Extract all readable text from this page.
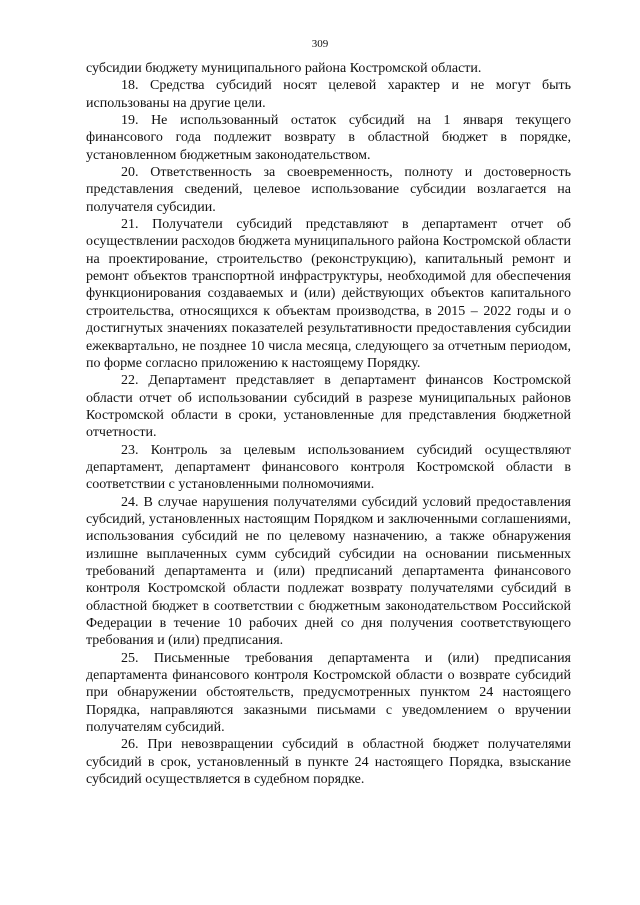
309

субсидии бюджету муниципального района Костромской области.

18. Средства субсидий носят целевой характер и не могут быть использованы на другие цели.

19. Не использованный остаток субсидий на 1 января текущего финансового года подлежит возврату в областной бюджет в порядке, установленном бюджетным законодательством.

20. Ответственность за своевременность, полноту и достоверность представления сведений, целевое использование субсидии возлагается на получателя субсидии.

21. Получатели субсидий представляют в департамент отчет об осуществлении расходов бюджета муниципального района Костромской области на проектирование, строительство (реконструкцию), капитальный ремонт и ремонт объектов транспортной инфраструктуры, необходимой для обеспечения функционирования создаваемых и (или) действующих объектов капитального строительства, относящихся к объектам производства, в 2015 – 2022 годы и о достигнутых значениях показателей результативности предоставления субсидии ежеквартально, не позднее 10 числа месяца, следующего за отчетным периодом, по форме согласно приложению к настоящему Порядку.

22. Департамент представляет в департамент финансов Костромской области отчет об использовании субсидий в разрезе муниципальных районов Костромской области в сроки, установленные для представления бюджетной отчетности.

23. Контроль за целевым использованием субсидий осуществляют департамент, департамент финансового контроля Костромской области в соответствии с установленными полномочиями.

24. В случае нарушения получателями субсидий условий предоставления субсидий, установленных настоящим Порядком и заключенными соглашениями, использования субсидий не по целевому назначению, а также обнаружения излишне выплаченных сумм субсидий субсидии на основании письменных требований департамента и (или) предписаний департамента финансового контроля Костромской области подлежат возврату получателями субсидий в областной бюджет в соответствии с бюджетным законодательством Российской Федерации в течение 10 рабочих дней со дня получения соответствующего требования и (или) предписания.

25. Письменные требования департамента и (или) предписания департамента финансового контроля Костромской области о возврате субсидий при обнаружении обстоятельств, предусмотренных пунктом 24 настоящего Порядка, направляются заказными письмами с уведомлением о вручении получателям субсидий.

26. При невозвращении субсидий в областной бюджет получателями субсидий в срок, установленный в пункте 24 настоящего Порядка, взыскание субсидий осуществляется в судебном порядке.
